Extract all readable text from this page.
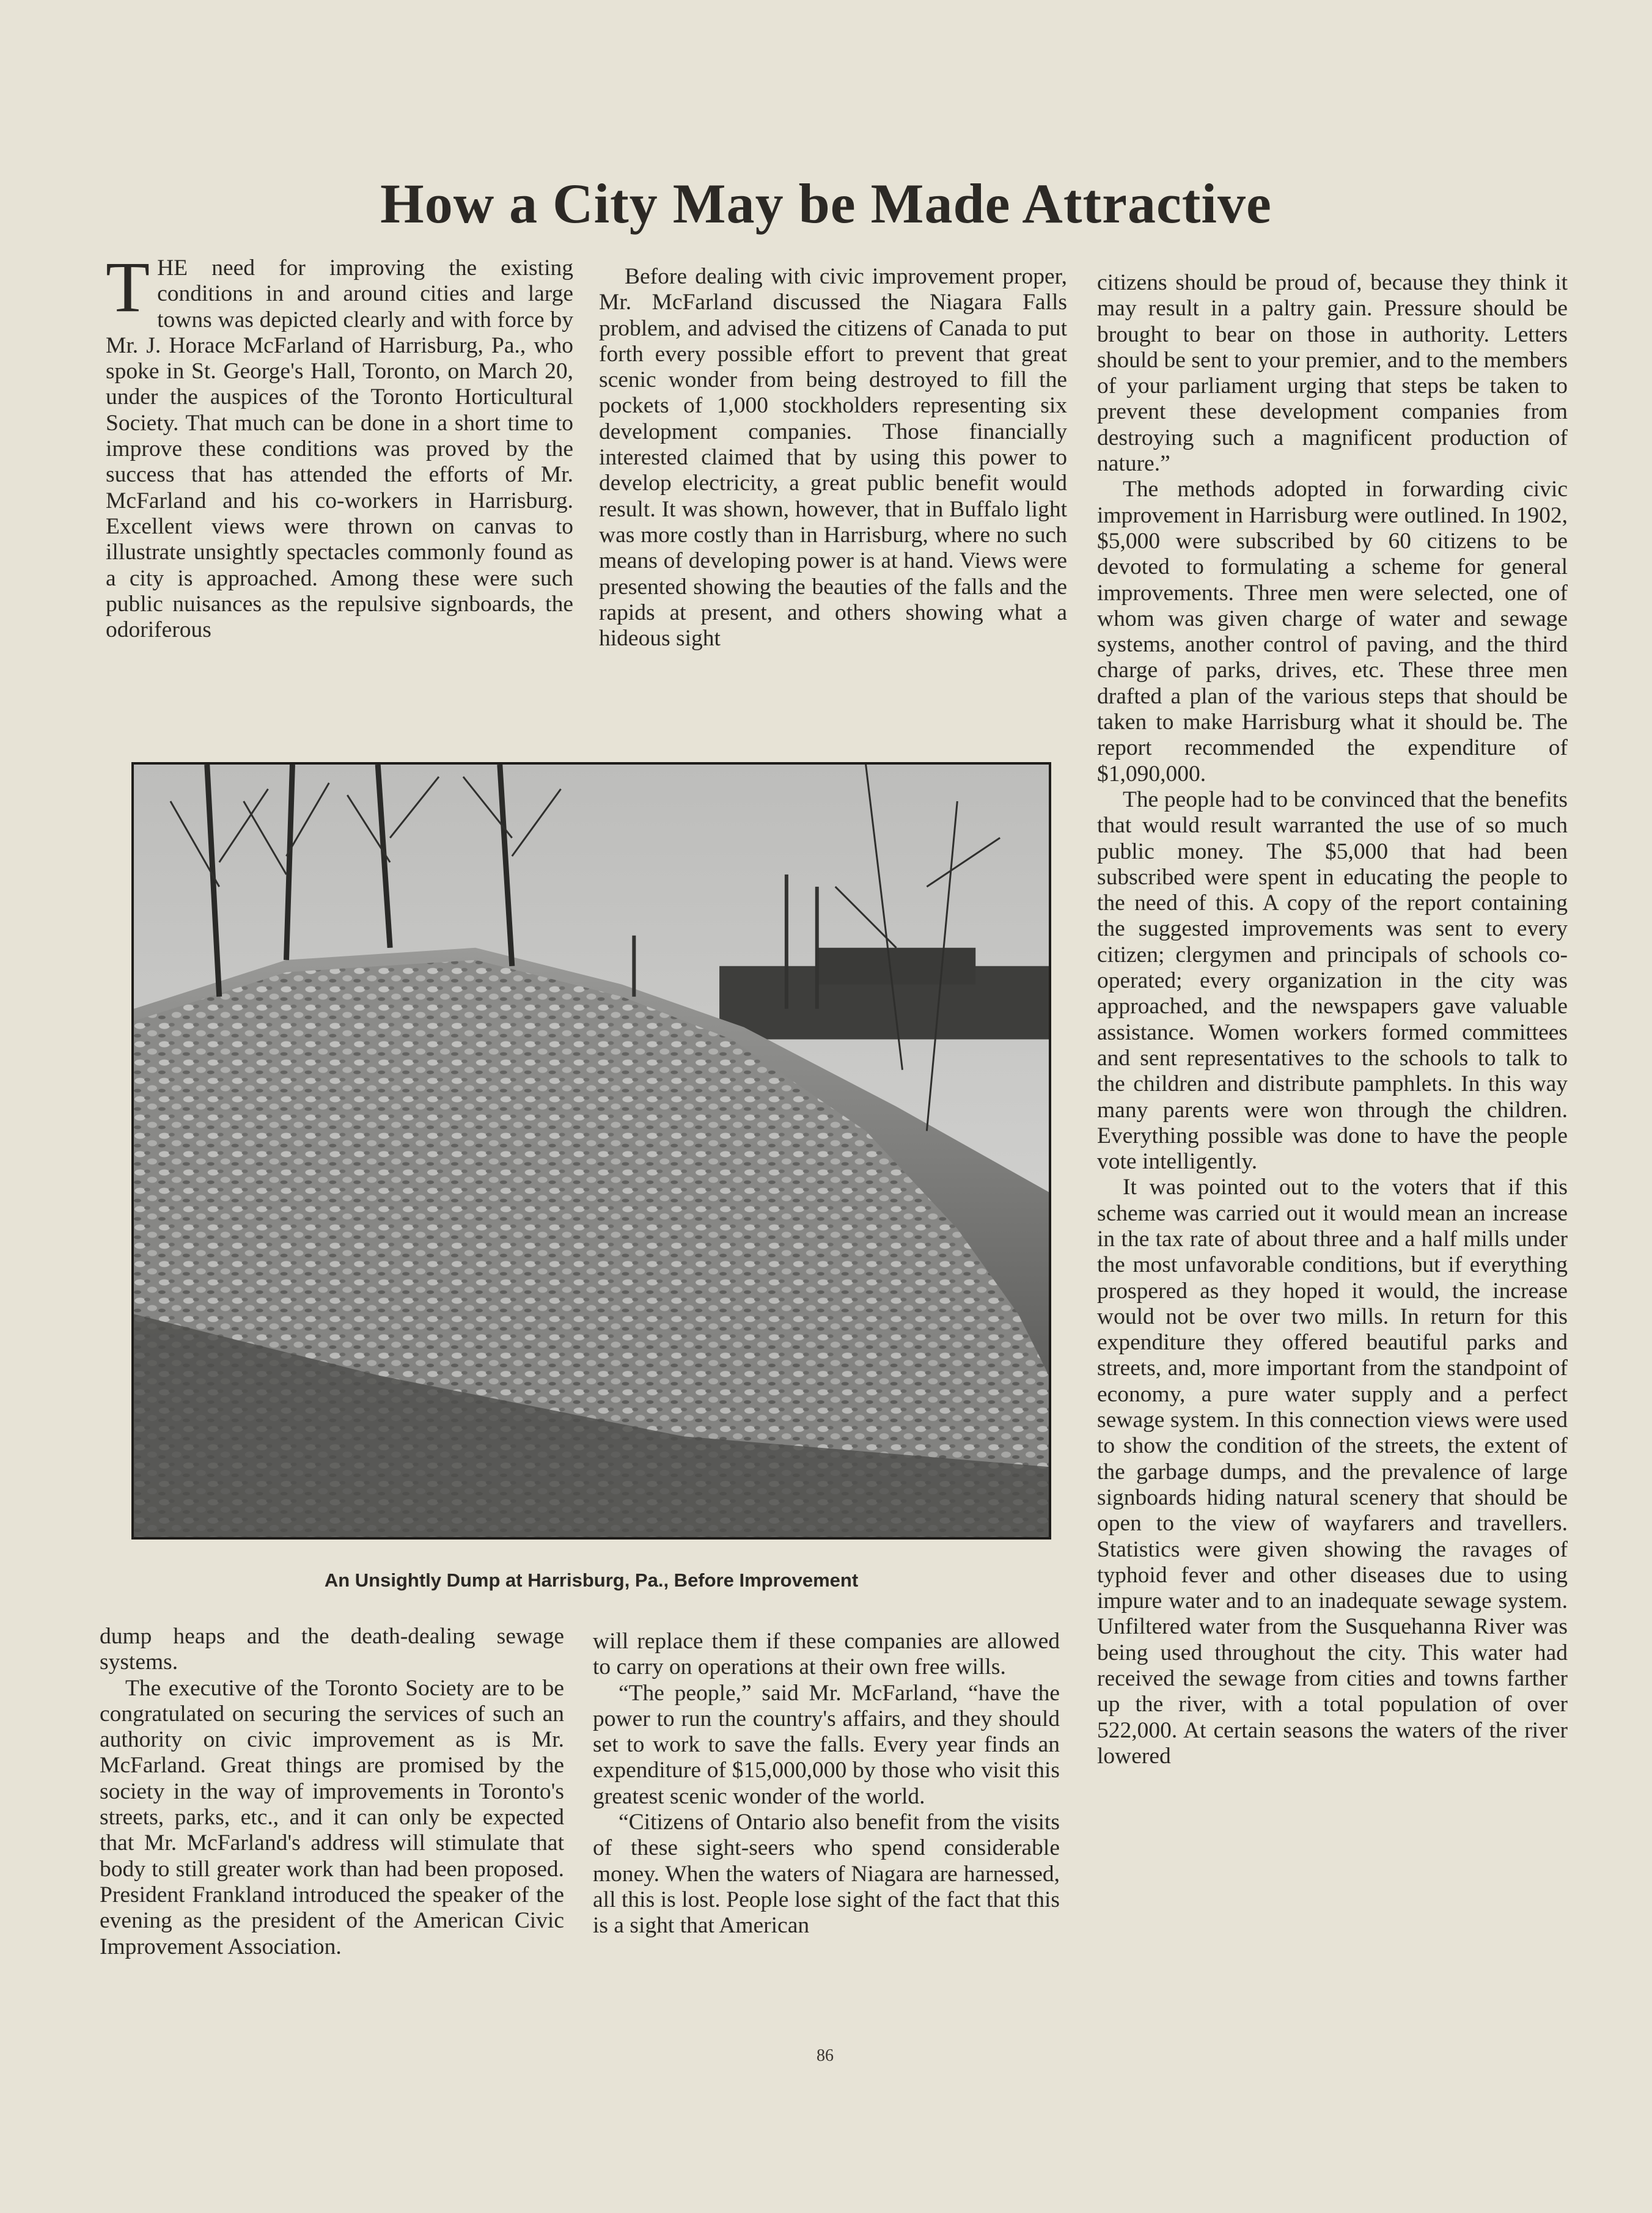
How a City May be Made Attractive

THE need for improving the existing conditions in and around cities and large towns was depicted clearly and with force by Mr. J. Horace McFarland of Harrisburg, Pa., who spoke in St. George's Hall, Toronto, on March 20, under the auspices of the Toronto Horticultural Society. That much can be done in a short time to improve these conditions was proved by the success that has attended the efforts of Mr. McFarland and his co-workers in Harrisburg. Excellent views were thrown on canvas to illustrate unsightly spectacles commonly found as a city is approached. Among these were such public nuisances as the repulsive signboards, the odoriferous

Before dealing with civic improvement proper, Mr. McFarland discussed the Niagara Falls problem, and advised the citizens of Canada to put forth every possible effort to prevent that great scenic wonder from being destroyed to fill the pockets of 1,000 stockholders representing six development companies. Those financially interested claimed that by using this power to develop electricity, a great public benefit would result. It was shown, however, that in Buffalo light was more costly than in Harrisburg, where no such means of developing power is at hand. Views were presented showing the beauties of the falls and the rapids at present, and others showing what a hideous sight

citizens should be proud of, because they think it may result in a paltry gain. Pressure should be brought to bear on those in authority. Letters should be sent to your premier, and to the members of your parliament urging that steps be taken to prevent these development companies from destroying such a magnificent production of nature.”

The methods adopted in forwarding civic improvement in Harrisburg were outlined. In 1902, $5,000 were subscribed by 60 citizens to be devoted to formulating a scheme for general improvements. Three men were selected, one of whom was given charge of water and sewage systems, another control of paving, and the third charge of parks, drives, etc. These three men drafted a plan of the various steps that should be taken to make Harrisburg what it should be. The report recommended the expenditure of $1,090,000.

The people had to be convinced that the benefits that would result warranted the use of so much public money. The $5,000 that had been subscribed were spent in educating the people to the need of this. A copy of the report containing the suggested improvements was sent to every citizen; clergymen and principals of schools co-operated; every organization in the city was approached, and the newspapers gave valuable assistance. Women workers formed committees and sent representatives to the schools to talk to the children and distribute pamphlets. In this way many parents were won through the children. Everything possible was done to have the people vote intelligently.

It was pointed out to the voters that if this scheme was carried out it would mean an increase in the tax rate of about three and a half mills under the most unfavorable conditions, but if everything prospered as they hoped it would, the increase would not be over two mills. In return for this expenditure they offered beautiful parks and streets, and, more important from the standpoint of economy, a pure water supply and a perfect sewage system. In this connection views were used to show the condition of the streets, the extent of the garbage dumps, and the prevalence of large signboards hiding natural scenery that should be open to the view of wayfarers and travellers. Statistics were given showing the ravages of typhoid fever and other diseases due to using impure water and to an inadequate sewage system. Unfiltered water from the Susquehanna River was being used throughout the city. This water had received the sewage from cities and towns farther up the river, with a total population of over 522,000. At certain seasons the waters of the river lowered

An Unsightly Dump at Harrisburg, Pa., Before Improvement

dump heaps and the death-dealing sewage systems.

The executive of the Toronto Society are to be congratulated on securing the services of such an authority on civic improvement as is Mr. McFarland. Great things are promised by the society in the way of improvements in Toronto's streets, parks, etc., and it can only be expected that Mr. McFarland's address will stimulate that body to still greater work than had been proposed. President Frankland introduced the speaker of the evening as the president of the American Civic Improvement Association.

will replace them if these companies are allowed to carry on operations at their own free wills.

“The people,” said Mr. McFarland, “have the power to run the country's affairs, and they should set to work to save the falls. Every year finds an expenditure of $15,000,000 by those who visit this greatest scenic wonder of the world.

“Citizens of Ontario also benefit from the visits of these sight-seers who spend considerable money. When the waters of Niagara are harnessed, all this is lost. People lose sight of the fact that this is a sight that American

86
